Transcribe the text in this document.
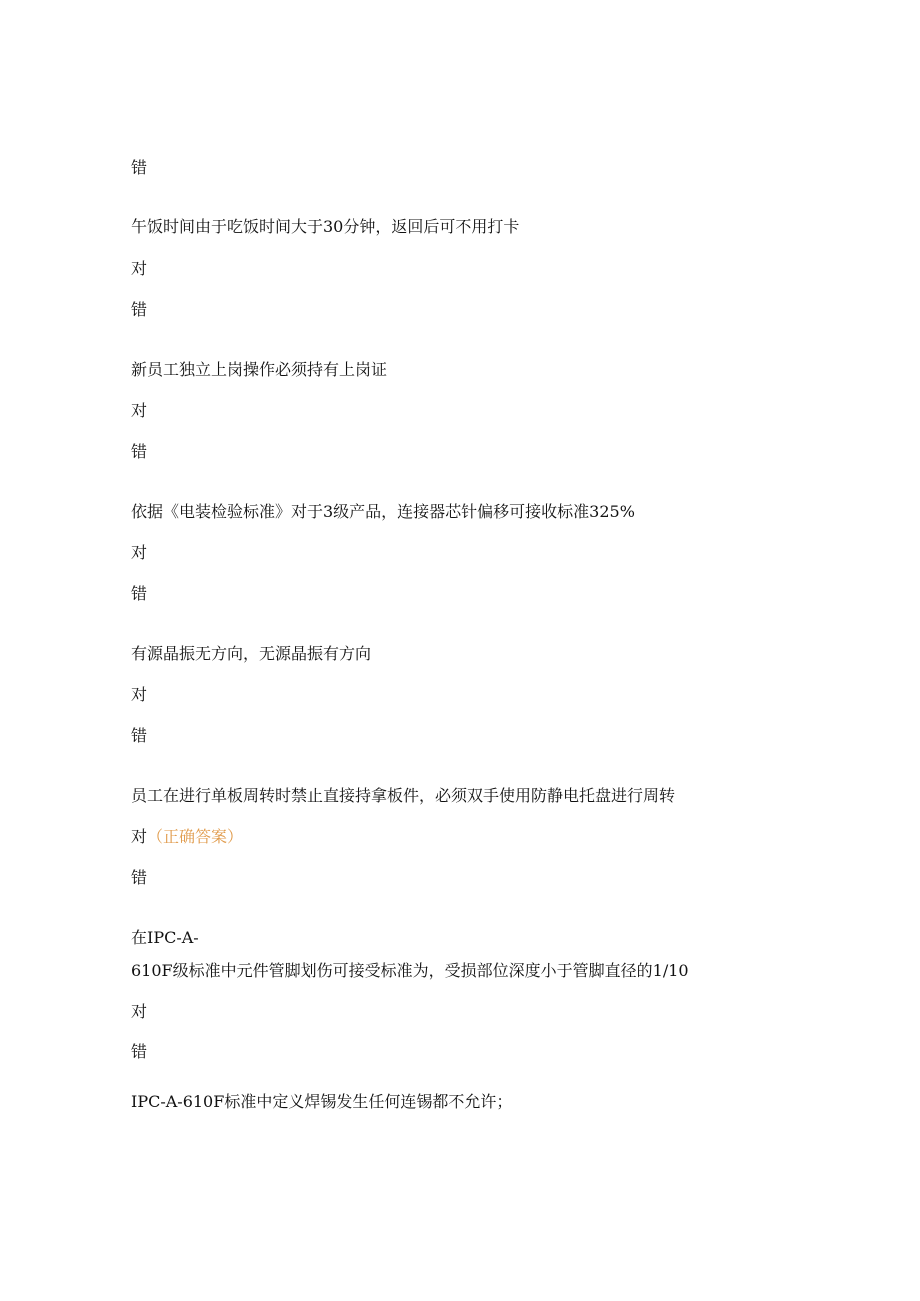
错
午饭时间由于吃饭时间大于30分钟，返回后可不用打卡
对
错
新员工独立上岗操作必须持有上岗证
对
错
依据《电装检验标准》对于3级产品，连接器芯针偏移可接收标准325%
对
错
有源晶振无方向，无源晶振有方向
对
错
员工在进行单板周转时禁止直接持拿板件，必须双手使用防静电托盘进行周转
对（正确答案）
错
在IPC-A-
610F级标准中元件管脚划伤可接受标准为，受损部位深度小于管脚直径的1/10
对
错
IPC-A-610F标准中定义焊锡发生任何连锡都不允许；
